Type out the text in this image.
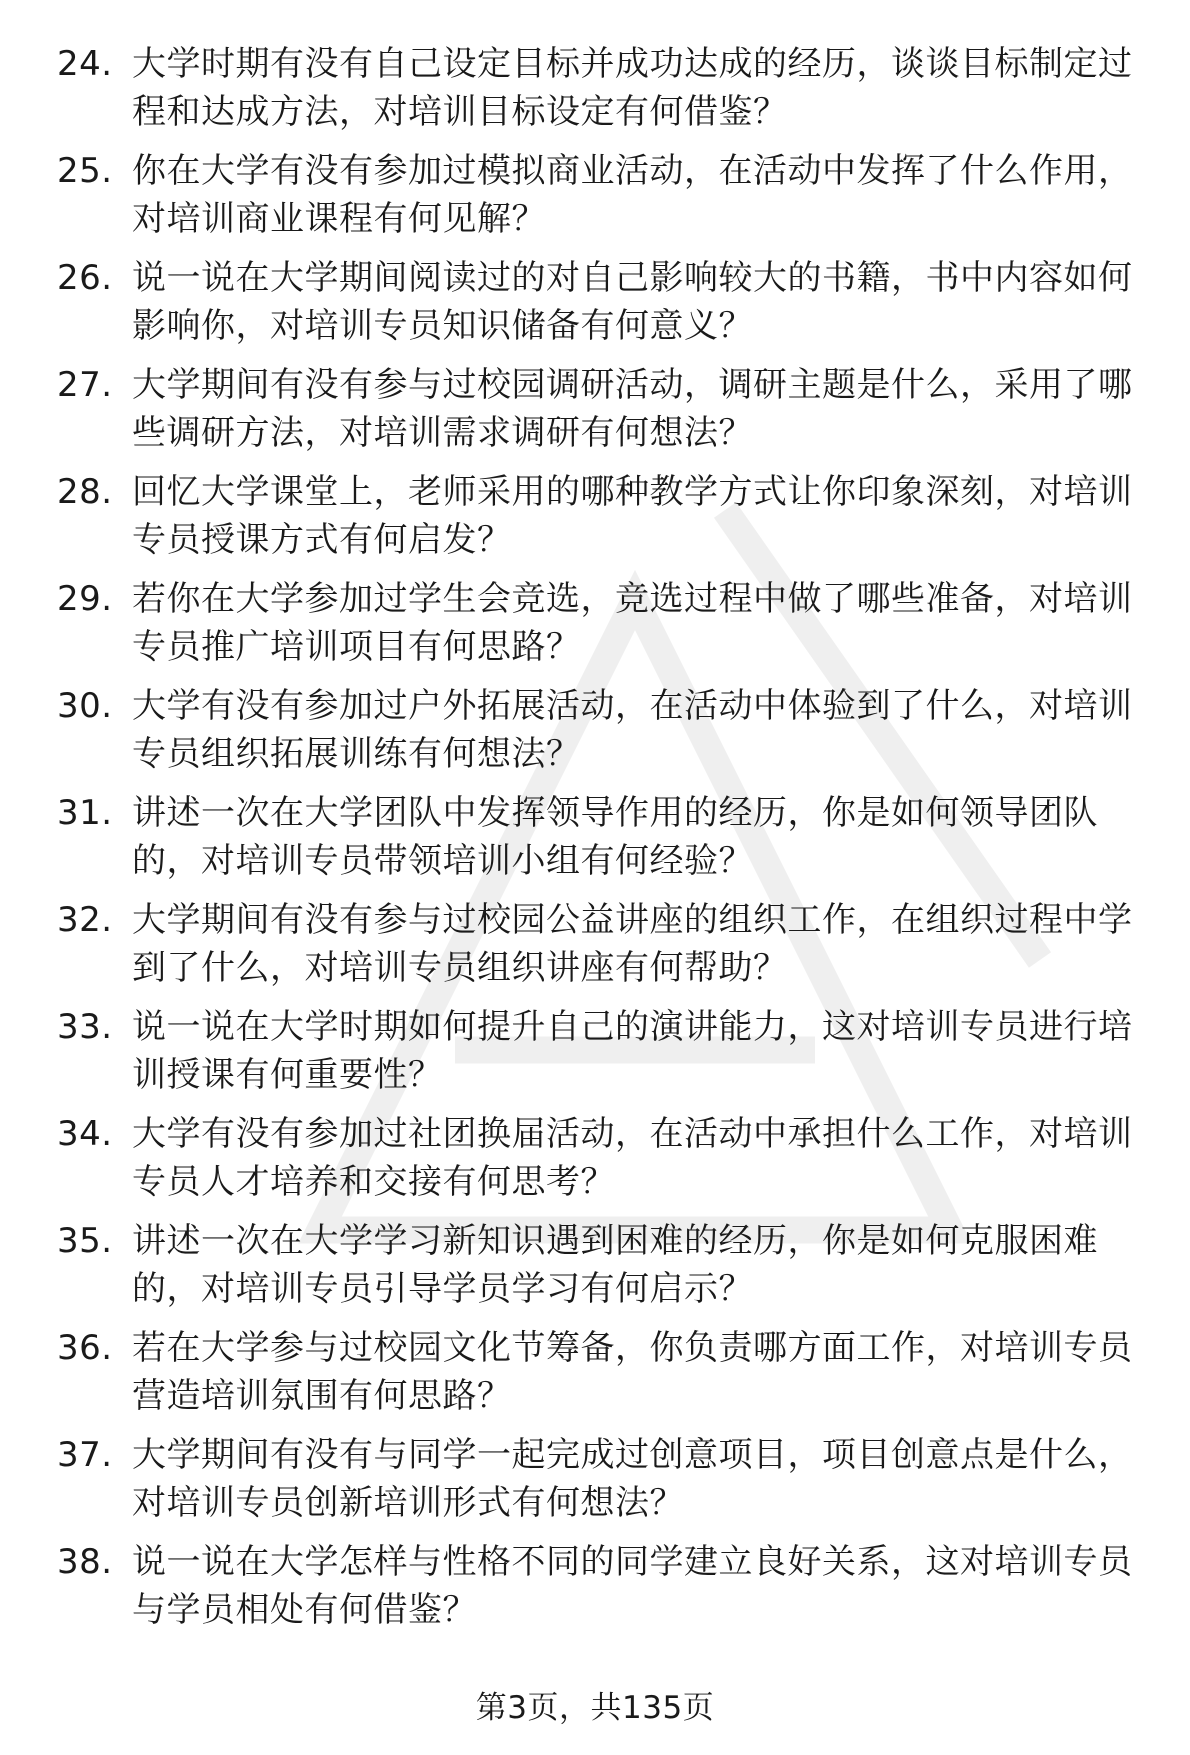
24. 大学时期有没有自己设定目标并成功达成的经历，谈谈目标制定过程和达成方法，对培训目标设定有何借鉴？
25. 你在大学有没有参加过模拟商业活动，在活动中发挥了什么作用，对培训商业课程有何见解？
26. 说一说在大学期间阅读过的对自己影响较大的书籍，书中内容如何影响你，对培训专员知识储备有何意义？
27. 大学期间有没有参与过校园调研活动，调研主题是什么，采用了哪些调研方法，对培训需求调研有何想法？
28. 回忆大学课堂上，老师采用的哪种教学方式让你印象深刻，对培训专员授课方式有何启发？
29. 若你在大学参加过学生会竞选，竞选过程中做了哪些准备，对培训专员推广培训项目有何思路？
30. 大学有没有参加过户外拓展活动，在活动中体验到了什么，对培训专员组织拓展训练有何想法？
31. 讲述一次在大学团队中发挥领导作用的经历，你是如何领导团队的，对培训专员带领培训小组有何经验？
32. 大学期间有没有参与过校园公益讲座的组织工作，在组织过程中学到了什么，对培训专员组织讲座有何帮助？
33. 说一说在大学时期如何提升自己的演讲能力，这对培训专员进行培训授课有何重要性？
34. 大学有没有参加过社团换届活动，在活动中承担什么工作，对培训专员人才培养和交接有何思考？
35. 讲述一次在大学学习新知识遇到困难的经历，你是如何克服困难的，对培训专员引导学员学习有何启示？
36. 若在大学参与过校园文化节筹备，你负责哪方面工作，对培训专员营造培训氛围有何思路？
37. 大学期间有没有与同学一起完成过创意项目，项目创意点是什么，对培训专员创新培训形式有何想法？
38. 说一说在大学怎样与性格不同的同学建立良好关系，这对培训专员与学员相处有何借鉴？
第3页，共135页
